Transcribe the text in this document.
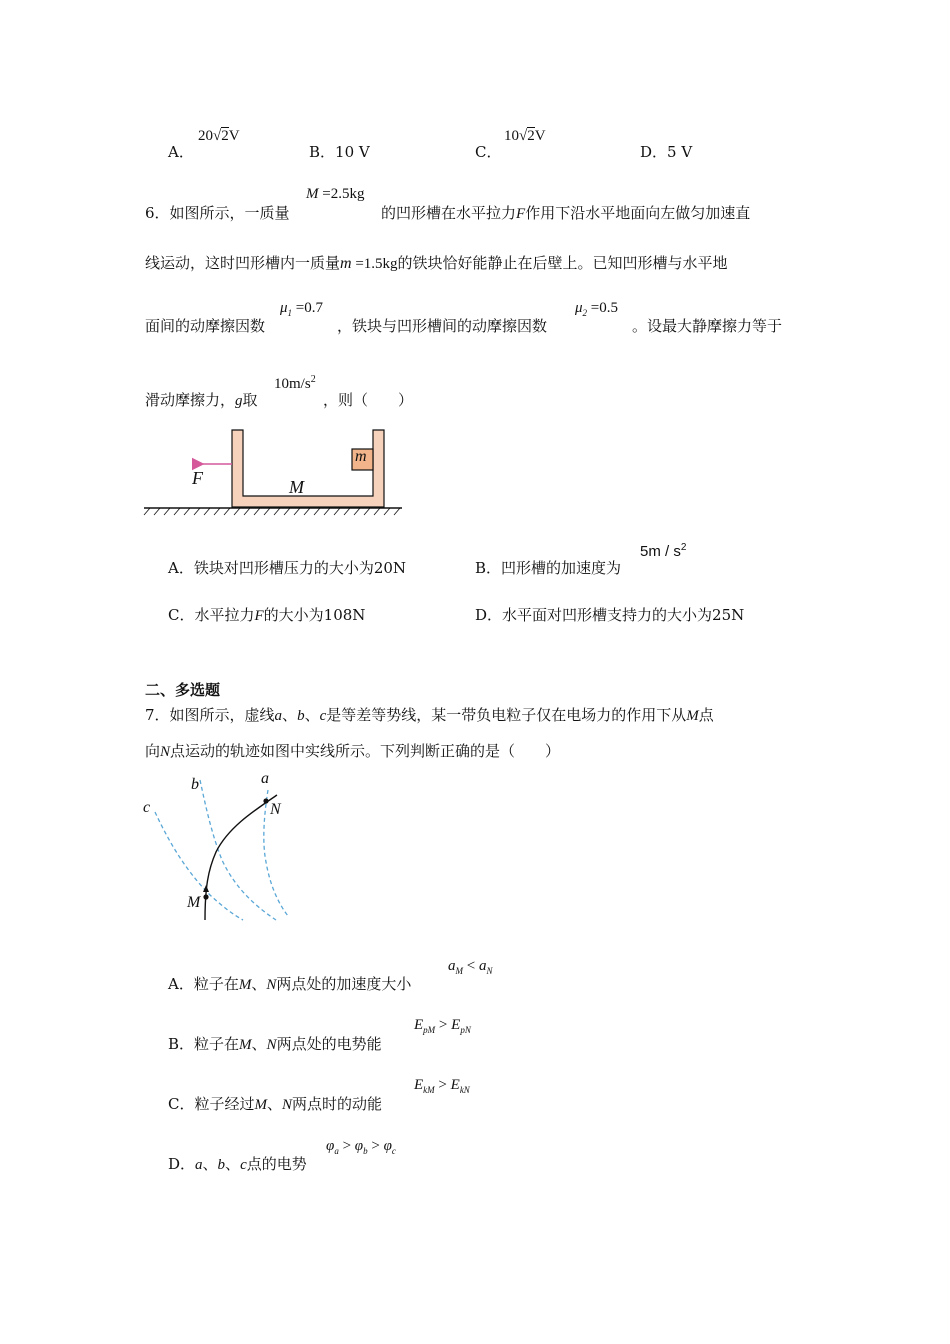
A．
20√2V
B．10 V	C．
10√2V
D．5 V
6．如图所示，一质量
M =2.5kg
的凹形槽在水平拉力F作用下沿水平地面向左做匀加速直
线运动，这时凹形槽内一质量m =1.5kg的铁块恰好能静止在后壁上。已知凹形槽与水平地
面间的动摩擦因数
$\mu_1 =0.7$
，铁块与凹形槽间的动摩擦因数
$\mu_2 =0.5$
。设最大静摩擦力等于
滑动摩擦力，g取
$10m/s^2$
，则（　　）
F	M
m
A．铁块对凹形槽压力的大小为20N	B．凹形槽的加速度为
$5m / s^2$
C．水平拉力F的大小为108N	D．水平面对凹形槽支持力的大小为25N
二、多选题
7．如图所示，虚线a、b、c是等差等势线，某一带负电粒子仅在电场力的作用下从M点
向N点运动的轨迹如图中实线所示。下列判断正确的是（　　）
c
b	a
N
M
A．粒子在M、N两点处的加速度大小
$a_M < a_N$
B．粒子在M、N两点处的电势能
$E_{pM} > E_{pN}$
C．粒子经过M、N两点时的动能
$E_{kM} > E_{kN}$
D．a、b、c点的电势
$\varphi_a > \varphi_b > \varphi_c$
